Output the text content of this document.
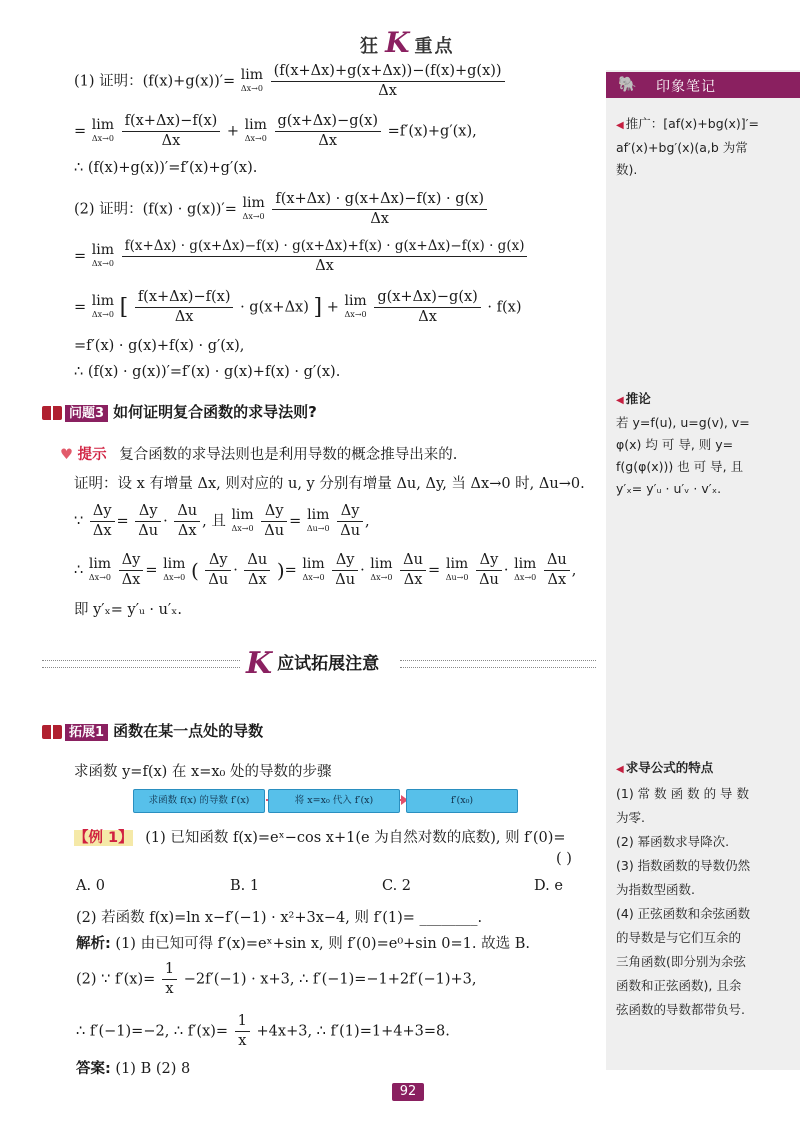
狂 K 重点
🐘 印象笔记
◀ 推广：[af(x)+bg(x)]′=
af′(x)+bg′(x)(a,b 为常
数).
◀ 推论
若 y=f(u), u=g(v), v=
φ(x) 均 可 导, 则 y=
f(g(φ(x))) 也 可 导, 且
y′ₓ= y′ᵤ · u′ᵥ · v′ₓ.
◀ 求导公式的特点
(1) 常 数 函 数 的 导 数
为零.
(2) 幂函数求导降次.
(3) 指数函数的导数仍然
为指数型函数.
(4) 正弦函数和余弦函数
的导数是与它们互余的
三角函数(即分别为余弦
函数和正弦函数), 且余
弦函数的导数都带负号.
(1) 证明：(f(x)+g(x))′= lim
Δx→0
$\frac{(f(x+\Delta x)+g(x+\Delta x))-(f(x)+g(x))}{\Delta x}$
= lim
Δx→0
$\frac{f(x+\Delta x)-f(x)}{\Delta x} + \lim$
Δx→0
$\frac{g(x+\Delta x)-g(x)}{\Delta x} =f'(x)+g'(x)$,
∴ (f(x)+g(x))′=f′(x)+g′(x).
(2) 证明：(f(x) · g(x))′= lim
Δx→0
$\frac{f(x+\Delta x) \cdot g(x+\Delta x)-f(x) \cdot g(x)}{\Delta x}$
= lim
Δx→0
$\frac{f(x+\Delta x) \cdot g(x+\Delta x)-f(x) \cdot g(x+\Delta x)+f(x) \cdot g(x+\Delta x)-f(x) \cdot g(x)}{\Delta x}$
= lim
Δx→0 [ $\frac{f(x+\Delta x)-f(x)}{\Delta x} \cdot g(x+\Delta x)$ ] + lim
Δx→0
$\frac{g(x+\Delta x)-g(x)}{\Delta x} \cdot f(x)$
=f′(x) · g(x)+f(x) · g′(x),
∴ (f(x) · g(x))′=f′(x) · g(x)+f(x) · g′(x).
问题3 如何证明复合函数的求导法则?
♥ 提示 复合函数的求导法则也是利用导数的概念推导出来的.
证明：设 x 有增量 Δx, 则对应的 u, y 分别有增量 Δu, Δy, 当 Δx→0 时, Δu→0.
∵ $\frac{\Delta y}{\Delta x} = \frac{\Delta y}{\Delta u} \cdot \frac{\Delta u}{\Delta x}$ , 且 lim
Δx→0
$\frac{\Delta y}{\Delta u} = \lim$
Δu→0
$\frac{\Delta y}{\Delta u}$ ,
∴ lim
Δx→0
$\frac{\Delta y}{\Delta x} = \lim$
Δx→0 ( $\frac{\Delta y}{\Delta u} \cdot \frac{\Delta u}{\Delta x}$ )= lim
Δx→0
$\frac{\Delta y}{\Delta u} \cdot \lim$
Δx→0
$\frac{\Delta u}{\Delta x} = \lim$
Δu→0
$\frac{\Delta y}{\Delta u} \cdot \lim$
Δx→0
$\frac{\Delta u}{\Delta x}$ ,
即 y′ₓ= y′ᵤ · u′ₓ.
K 应试拓展注意
拓展1 函数在某一点处的导数
求函数 y=f(x) 在 x=x₀ 处的导数的步骤
求函数 f(x) 的导数 f′(x)	将 x=x₀ 代入 f′(x)	f′(x₀)
【例 1】 (1) 已知函数 f(x)=eˣ−cos x+1(e 为自然对数的底数), 则 f′(0)=
( )
A. 0	B. 1	C. 2	D. e
(2) 若函数 f(x)=ln x−f′(−1) · x²+3x−4, 则 f′(1)= ________.
解析: (1) 由已知可得 f′(x)=eˣ+sin x, 则 f′(0)=e⁰+sin 0=1. 故选 B.
(2) ∵ $f'(x)= \frac{1}{x} -2f'(-1) \cdot x+3$, ∴ f′(−1)=−1+2f′(−1)+3,
∴ f′(−1)=−2, ∴ $f'(x)= \frac{1}{x} +4x+3$, ∴ f′(1)=1+4+3=8.
答案: (1) B (2) 8
92
